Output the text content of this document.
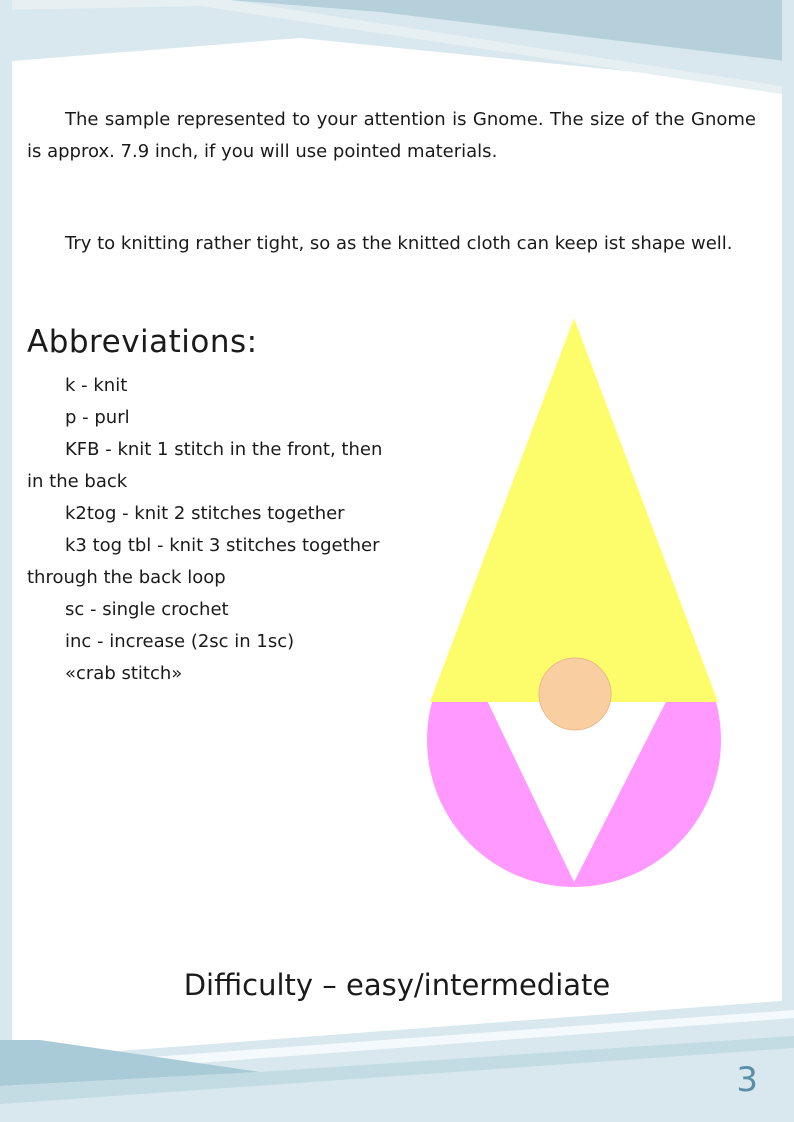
The sample represented to your attention is Gnome. The size of the Gnome is approx. 7.9 inch, if you will use pointed materials.

Try to knitting rather tight, so as the knitted cloth can keep ist shape well.

Abbreviations:
k - knit
p - purl
KFB - knit 1 stitch in the front, then in the back
k2tog - knit 2 stitches together
k3 tog tbl - knit 3 stitches together through the back loop
sc - single crochet
inc - increase (2sc in 1sc)
«crab stitch»
Difficulty – easy/intermediate
3
